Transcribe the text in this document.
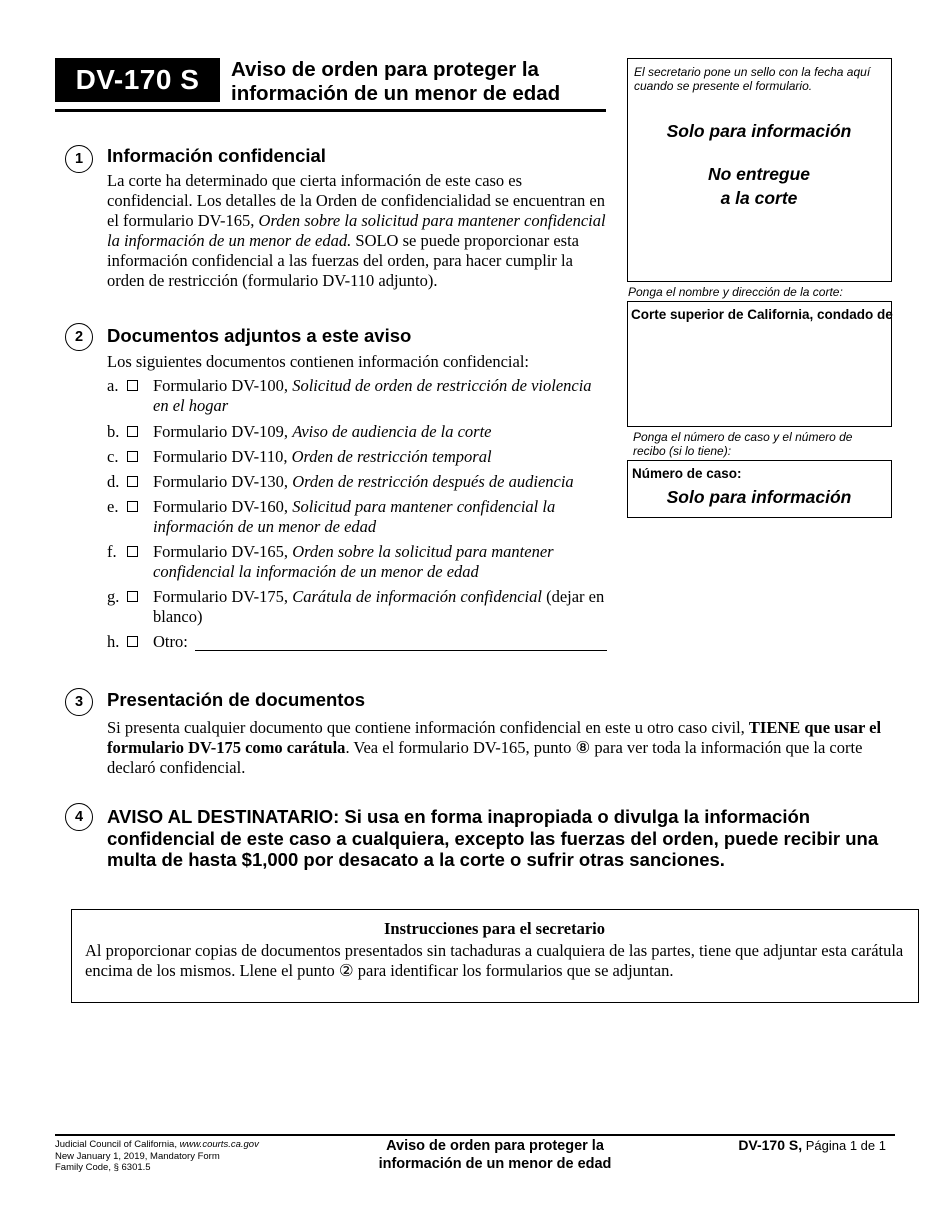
DV-170 S	Aviso de orden para proteger la
información de un menor de edad
El secretario pone un sello con la fecha aquí cuando se presente el formulario.
Solo para información
No entregue
a la corte
Ponga el nombre y dirección de la corte:
Corte superior de California, condado de
Ponga el número de caso y el número de recibo (si lo tiene):
Número de caso:
Solo para información
1	Información confidencial
La corte ha determinado que cierta información de este caso es confidencial. Los detalles de la Orden de confidencialidad se encuentran en el formulario DV-165, Orden sobre la solicitud para mantener confidencial la información de un menor de edad. SOLO se puede proporcionar esta información confidencial a las fuerzas del orden, para hacer cumplir la orden de restricción (formulario DV-110 adjunto).
2	Documentos adjuntos a este aviso
Los siguientes documentos contienen información confidencial:
a. Formulario DV-100, Solicitud de orden de restricción de violencia en el hogar
b. Formulario DV-109, Aviso de audiencia de la corte
c. Formulario DV-110, Orden de restricción temporal
d. Formulario DV-130, Orden de restricción después de audiencia
e. Formulario DV-160, Solicitud para mantener confidencial la información de un menor de edad
f. Formulario DV-165, Orden sobre la solicitud para mantener confidencial la información de un menor de edad
g. Formulario DV-175, Carátula de información confidencial (dejar en blanco)
h. Otro:
3	Presentación de documentos
Si presenta cualquier documento que contiene información confidencial en este u otro caso civil, TIENE que usar el formulario DV-175 como carátula. Vea el formulario DV-165, punto ⑧ para ver toda la información que la corte declaró confidencial.
4	AVISO AL DESTINATARIO: Si usa en forma inapropiada o divulga la información confidencial de este caso a cualquiera, excepto las fuerzas del orden, puede recibir una multa de hasta $1,000 por desacato a la corte o sufrir otras sanciones.
Instrucciones para el secretario
Al proporcionar copias de documentos presentados sin tachaduras a cualquiera de las partes, tiene que adjuntar esta carátula encima de los mismos. Llene el punto ② para identificar los formularios que se adjuntan.
Judicial Council of California, www.courts.ca.gov
New January 1, 2019, Mandatory Form
Family Code, § 6301.5
Aviso de orden para proteger la
información de un menor de edad
DV-170 S, Página 1 de 1
